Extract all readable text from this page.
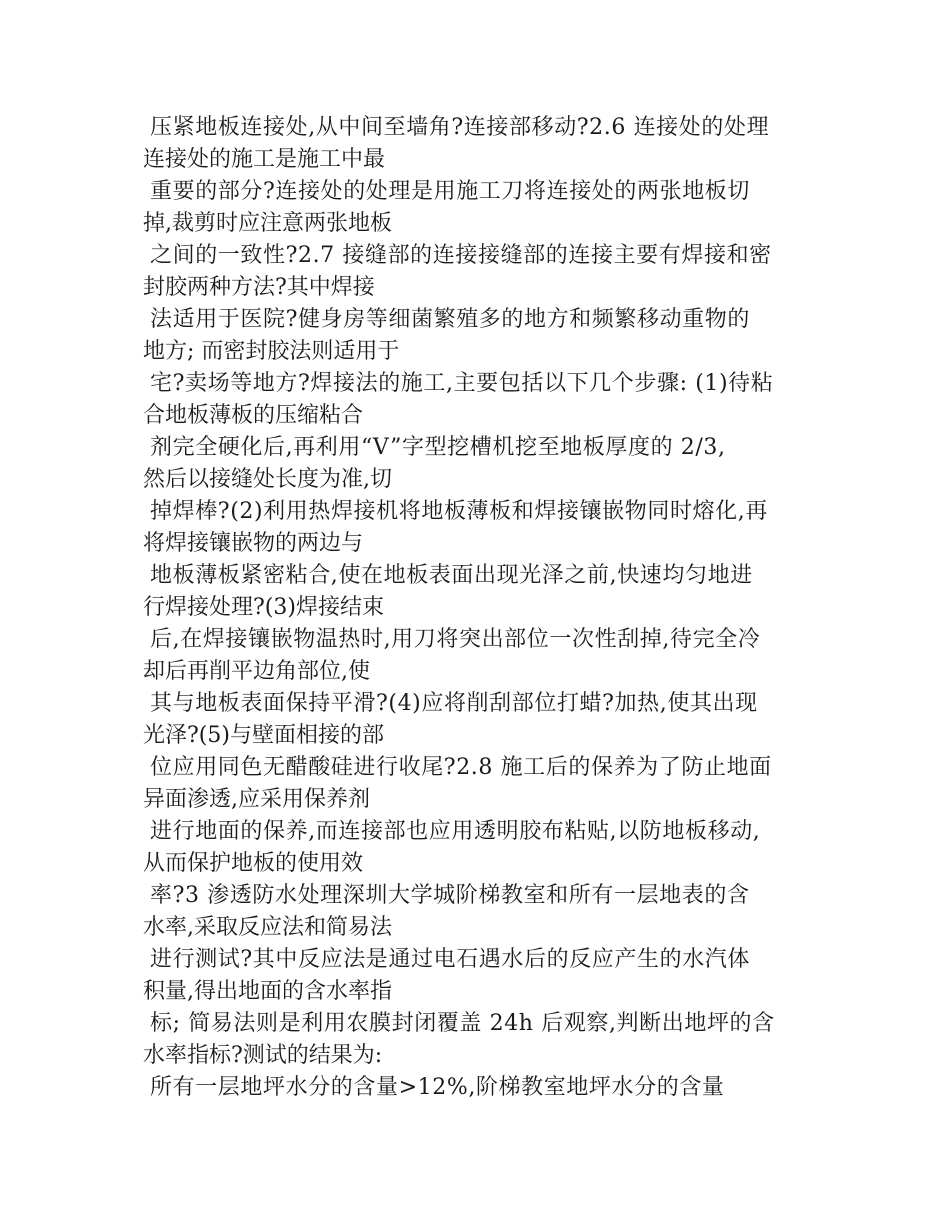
压紧地板连接处,从中间至墙角?连接部移动?2.6 连接处的处理
连接处的施工是施工中最
重要的部分?连接处的处理是用施工刀将连接处的两张地板切
掉,裁剪时应注意两张地板
之间的一致性?2.7 接缝部的连接接缝部的连接主要有焊接和密
封胶两种方法?其中焊接
法适用于医院?健身房等细菌繁殖多的地方和频繁移动重物的
地方; 而密封胶法则适用于
宅?卖场等地方?焊接法的施工,主要包括以下几个步骤: (1)待粘
合地板薄板的压缩粘合
剂完全硬化后,再利用“V”字型挖槽机挖至地板厚度的 2/3,
然后以接缝处长度为准,切
掉焊棒?(2)利用热焊接机将地板薄板和焊接镶嵌物同时熔化,再
将焊接镶嵌物的两边与
地板薄板紧密粘合,使在地板表面出现光泽之前,快速均匀地进
行焊接处理?(3)焊接结束
后,在焊接镶嵌物温热时,用刀将突出部位一次性刮掉,待完全冷
却后再削平边角部位,使
其与地板表面保持平滑?(4)应将削刮部位打蜡?加热,使其出现
光泽?(5)与壁面相接的部
位应用同色无醋酸硅进行收尾?2.8 施工后的保养为了防止地面
异面渗透,应采用保养剂
进行地面的保养,而连接部也应用透明胶布粘贴,以防地板移动,
从而保护地板的使用效
率?3 渗透防水处理深圳大学城阶梯教室和所有一层地表的含
水率,采取反应法和简易法
进行测试?其中反应法是通过电石遇水后的反应产生的水汽体
积量,得出地面的含水率指
标; 简易法则是利用农膜封闭覆盖 24h 后观察,判断出地坪的含
水率指标?测试的结果为:
所有一层地坪水分的含量>12%,阶梯教室地坪水分的含量
